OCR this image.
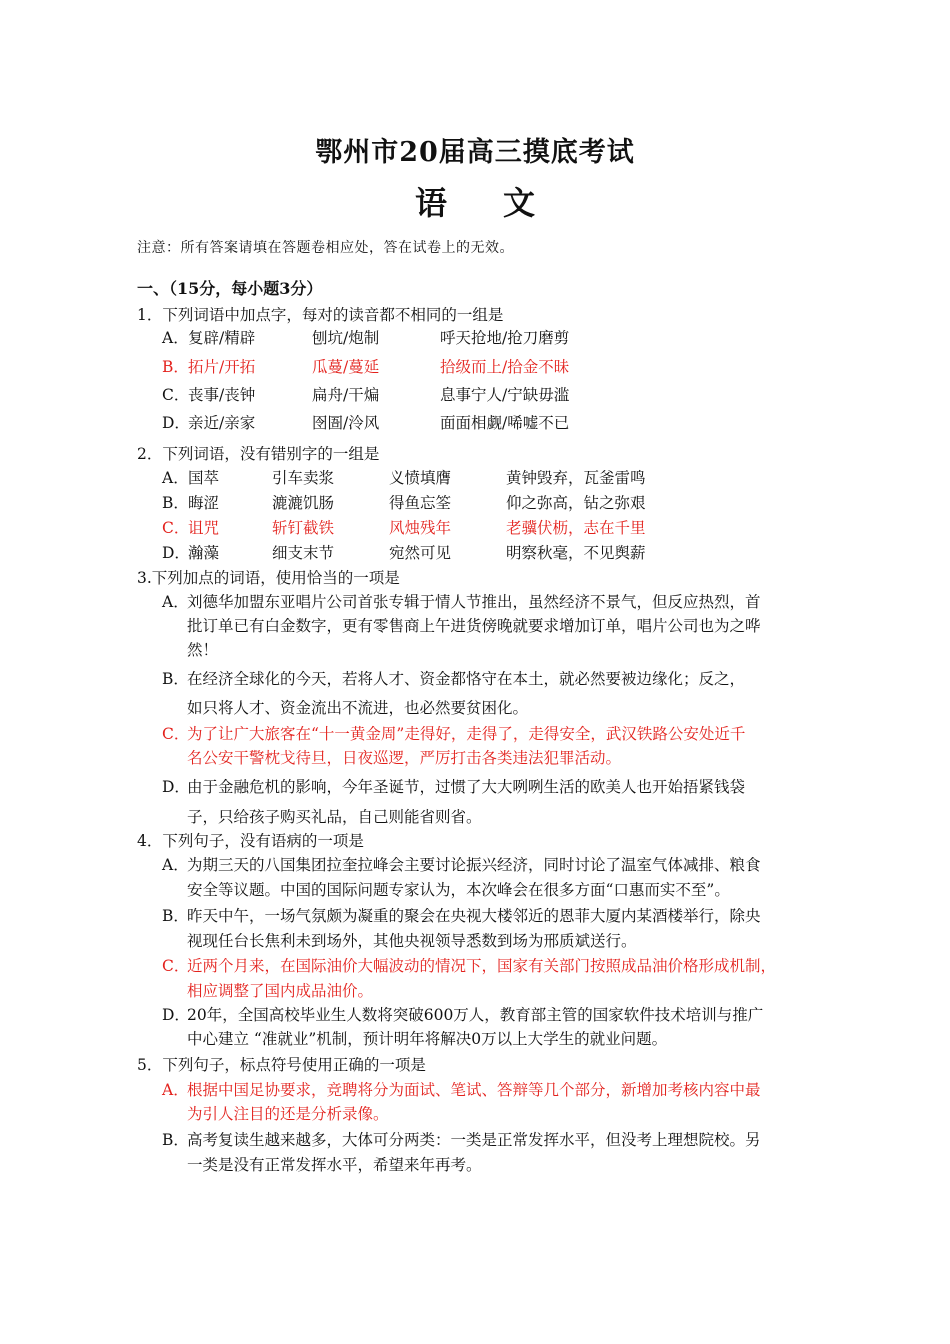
鄂州市20届高三摸底考试
语 文
注意：所有答案请填在答题卷相应处，答在试卷上的无效。
一、（15分，每小题3分）
1．下列词语中加点字，每对的读音都不相同的一组是
A． 复辟/精辟	刨坑/炮制	呼天抢地/抢刀磨剪
B． 拓片/开拓	瓜蔓/蔓延	拾级而上/拾金不昧
C．
丧事/丧钟	扁舟/干煸	息事宁人/宁缺毋滥
D．
亲近/亲家	囹圄/泠风	面面相觑/唏嘘不已
2．下列词语，没有错别字的一组是
A． 国萃	引车卖浆	义愤填膺	黄钟毁弃，瓦釜雷鸣
B． 晦涩	漉漉饥肠	得鱼忘筌	仰之弥高，钻之弥艰
C．
诅咒	斩钉截铁	风烛残年	老骥伏枥，志在千里
D．
瀚藻	细支末节	宛然可见	明察秋毫，不见舆薪
3.下列加点的词语，使用恰当的一项是
A．
刘德华加盟东亚唱片公司首张专辑于情人节推出，虽然经济不景气，但反应热烈，首
批订单已有白金数字，更有零售商上午进货傍晚就要求增加订单，唱片公司也为之哗
然！
B．
在经济全球化的今天，若将人才、资金都恪守在本土，就必然要被边缘化；反之，
如只将人才、资金流出不流进，也必然要贫困化。
C．
为了让广大旅客在“十一黄金周”走得好，走得了，走得安全，武汉铁路公安处近千
名公安干警枕戈待旦，日夜巡逻，严厉打击各类违法犯罪活动。
D．
由于金融危机的影响，今年圣诞节，过惯了大大咧咧生活的欧美人也开始捂紧钱袋
子，只给孩子购买礼品，自己则能省则省。
4．下列句子，没有语病的一项是
A．
为期三天的八国集团拉奎拉峰会主要讨论振兴经济，同时讨论了温室气体减排、粮食
安全等议题。中国的国际问题专家认为，本次峰会在很多方面“口惠而实不至”。
B．
昨天中午，一场气氛颇为凝重的聚会在央视大楼邻近的恩菲大厦内某酒楼举行，除央
视现任台长焦利未到场外，其他央视领导悉数到场为邢质斌送行。
C．
近两个月来，在国际油价大幅波动的情况下，国家有关部门按照成品油价格形成机制，
相应调整了国内成品油价。
D．
20年，全国高校毕业生人数将突破600万人，教育部主管的国家软件技术培训与推广
中心建立 “准就业”机制，预计明年将解决0万以上大学生的就业问题。
5．下列句子，标点符号使用正确的一项是
A．
根据中国足协要求，竞聘将分为面试、笔试、答辩等几个部分，新增加考核内容中最
为引人注目的还是分析录像。
B．
高考复读生越来越多，大体可分两类：一类是正常发挥水平，但没考上理想院校。另
一类是没有正常发挥水平，希望来年再考。
